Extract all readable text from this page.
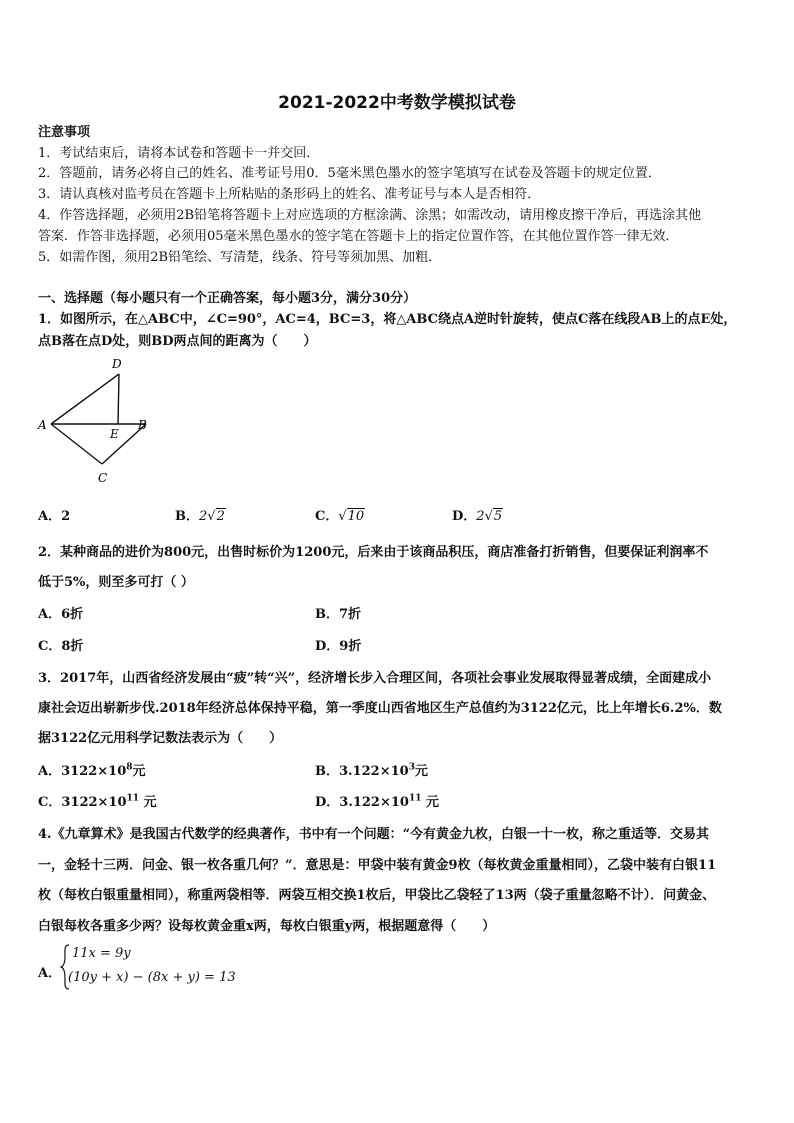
2021-2022中考数学模拟试卷
注意事项
1．考试结束后，请将本试卷和答题卡一并交回．
2．答题前，请务必将自己的姓名、准考证号用0．5毫米黑色墨水的签字笔填写在试卷及答题卡的规定位置．
3．请认真核对监考员在答题卡上所粘贴的条形码上的姓名、准考证号与本人是否相符．
4．作答选择题，必须用2B铅笔将答题卡上对应选项的方框涂满、涂黑；如需改动，请用橡皮擦干净后，再选涂其他
答案．作答非选择题，必须用05毫米黑色墨水的签字笔在答题卡上的指定位置作答，在其他位置作答一律无效．
5．如需作图，须用2B铅笔绘、写清楚，线条、符号等须加黑、加粗．
一、选择题（每小题只有一个正确答案，每小题3分，满分30分）
1．如图所示，在△ABC中，∠C=90°，AC=4，BC=3，将△ABC绕点A逆时针旋转，使点C落在线段AB上的点E处，
点B落在点D处，则BD两点间的距离为（　　）
A	B
C
D
E
A．2	B．2√2	C．√10	D．2√5
2．某种商品的进价为800元，出售时标价为1200元，后来由于该商品积压，商店准备打折销售，但要保证利润率不
低于5%，则至多可打（ ）
A．6折	B．7折
C．8折	D．9折
3．2017年，山西省经济发展由“疲”转“兴”，经济增长步入合理区间，各项社会事业发展取得显著成绩，全面建成小
康社会迈出崭新步伐.2018年经济总体保持平稳，第一季度山西省地区生产总值约为3122亿元，比上年增长6.2%．数
据3122亿元用科学记数法表示为（　　）
A．$3122\times 10^8$元	B．$3.122\times 10^3$元
C．$3122\times 10^{11}$ 元	D．$3.122\times 10^{11}$ 元
4.《九章算术》是我国古代数学的经典著作，书中有一个问题：“今有黄金九枚，白银一十一枚，称之重适等．交易其
一，金轻十三两．问金、银一枚各重几何？”．意思是：甲袋中装有黄金9枚（每枚黄金重量相同），乙袋中装有白银11
枚（每枚白银重量相同），称重两袋相等．两袋互相交换1枚后，甲袋比乙袋轻了13两（袋子重量忽略不计）．问黄金、
白银每枚各重多少两？设每枚黄金重x两，每枚白银重y两，根据题意得（　　）
A．
11x = 9y
(10y + x) − (8x + y) = 13
